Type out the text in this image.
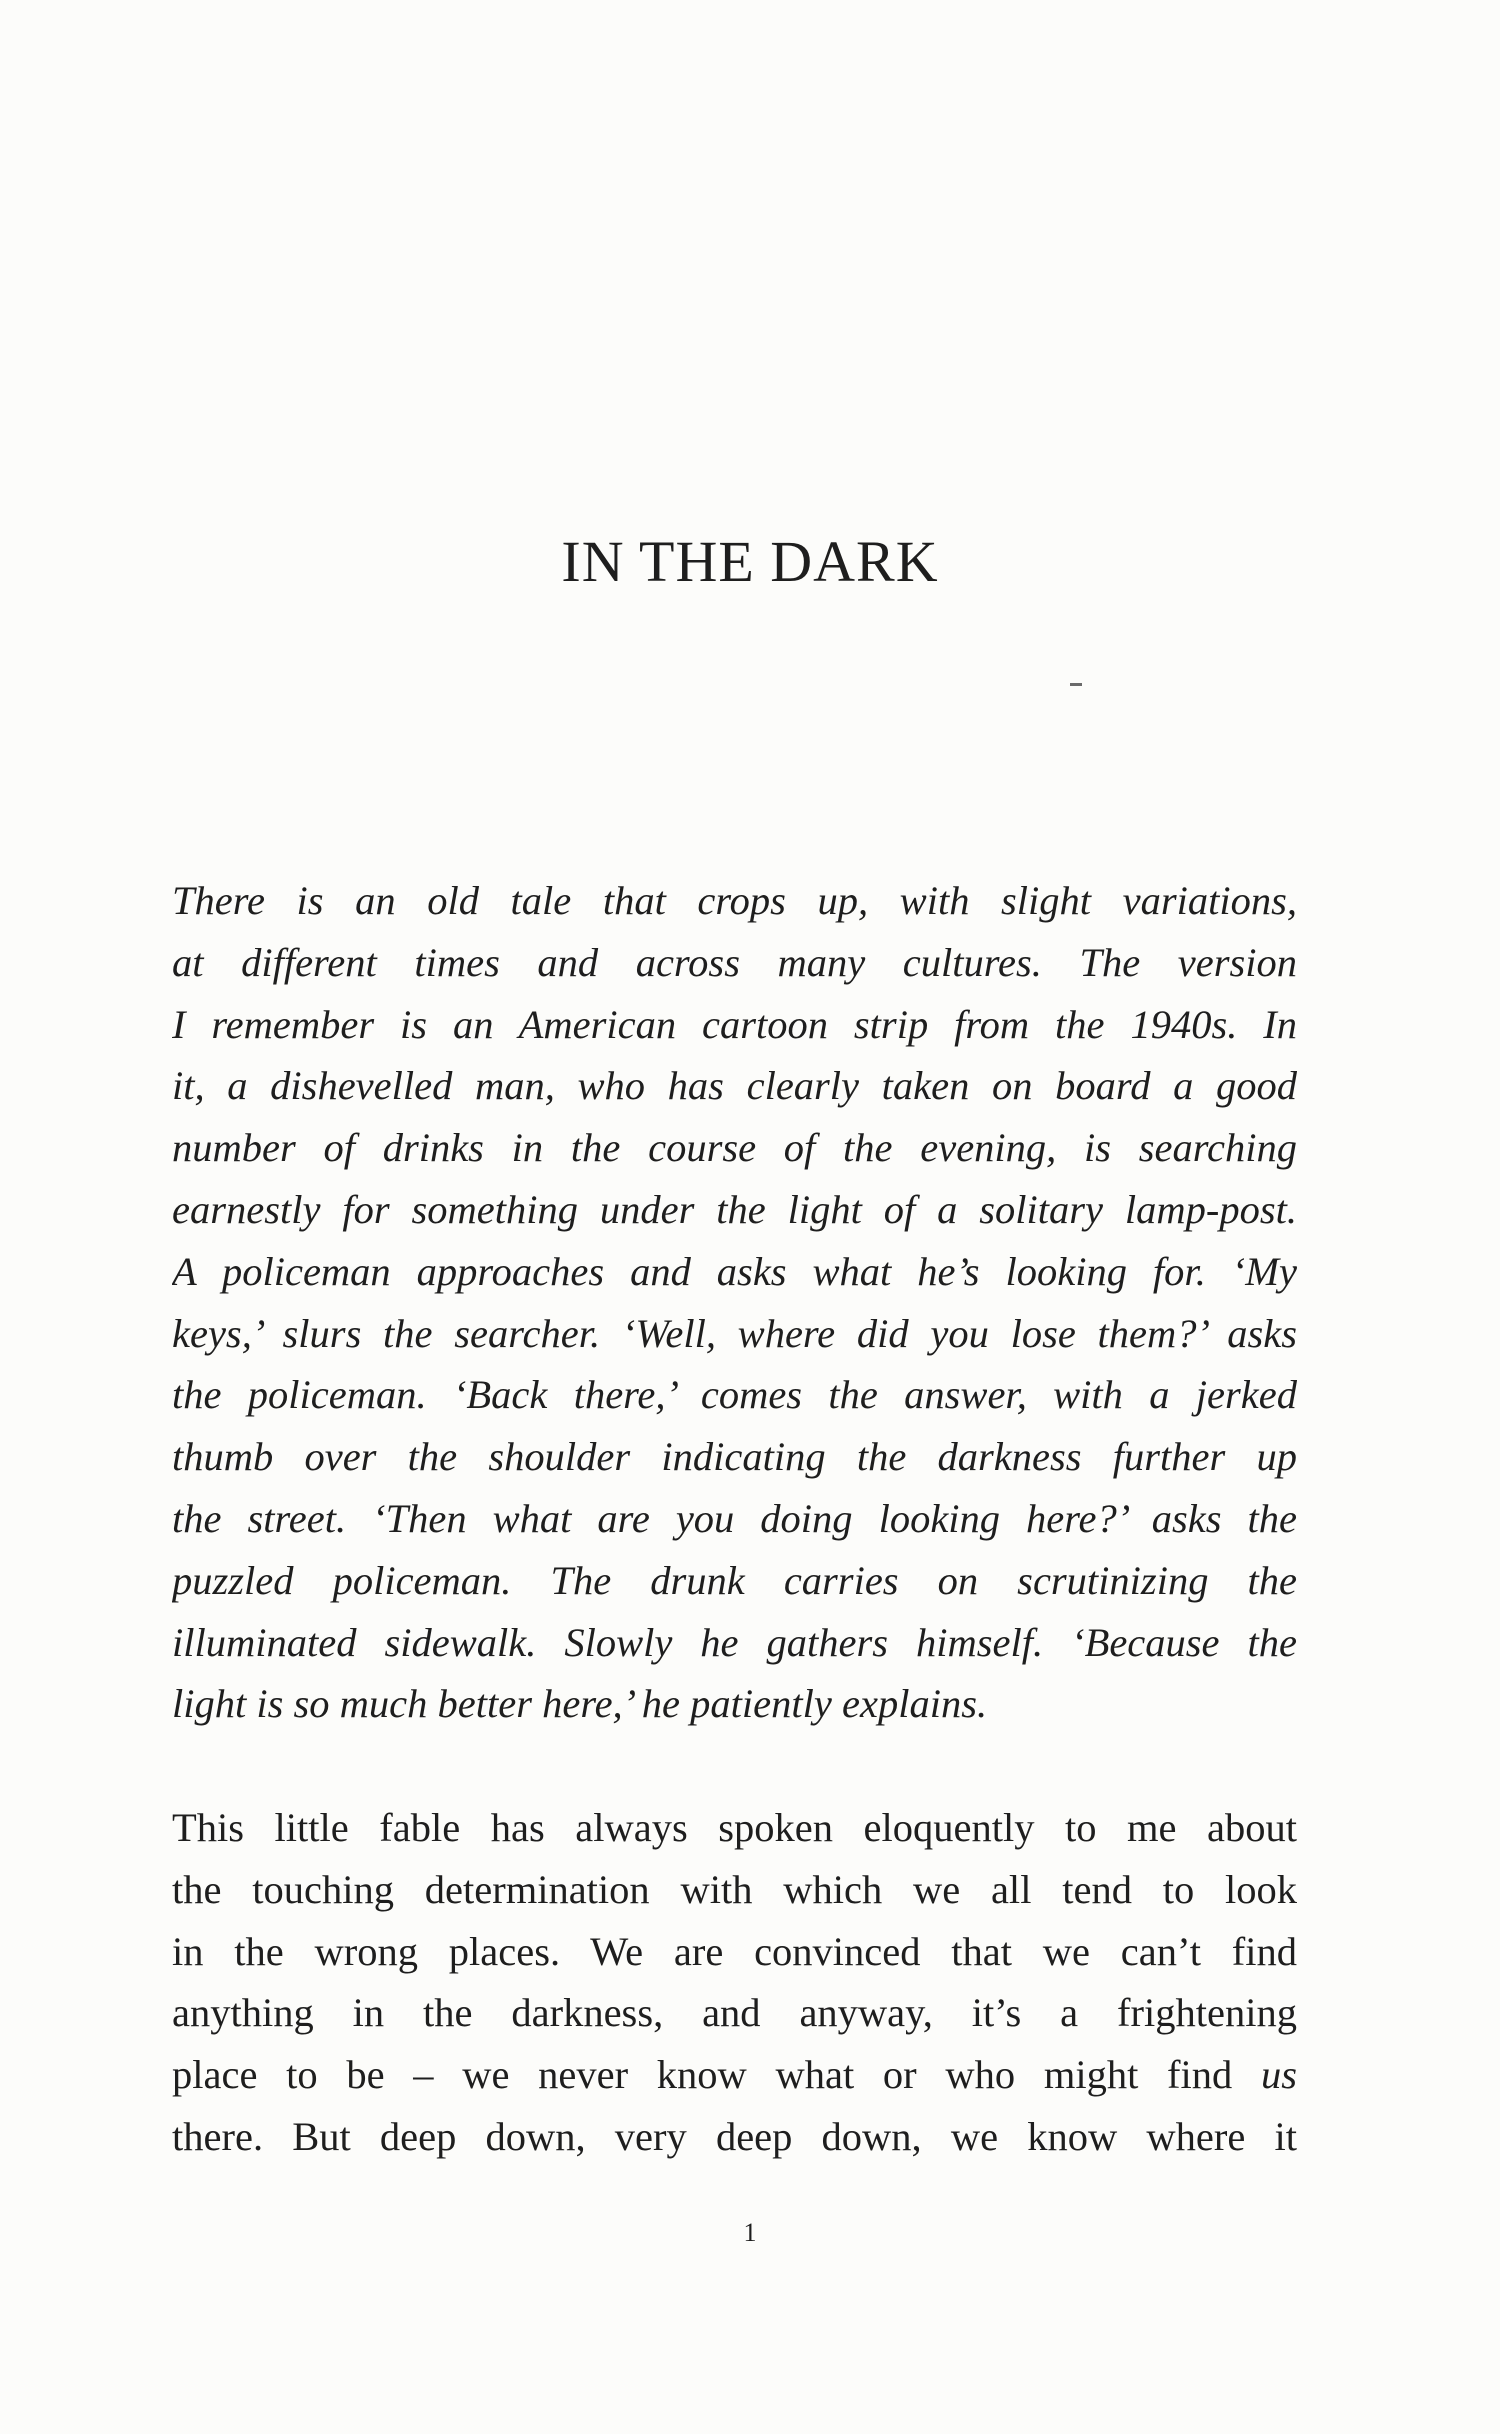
IN THE DARK
There is an old tale that crops up, with slight variations,
at different times and across many cultures. The version
I remember is an American cartoon strip from the 1940s. In
it, a dishevelled man, who has clearly taken on board a good
number of drinks in the course of the evening, is searching
earnestly for something under the light of a solitary lamp-post.
A policeman approaches and asks what he’s looking for. ‘My
keys,’ slurs the searcher. ‘Well, where did you lose them?’ asks
the policeman. ‘Back there,’ comes the answer, with a jerked
thumb over the shoulder indicating the darkness further up
the street. ‘Then what are you doing looking here?’ asks the
puzzled policeman. The drunk carries on scrutinizing the
illuminated sidewalk. Slowly he gathers himself. ‘Because the
light is so much better here,’ he patiently explains.
This little fable has always spoken eloquently to me about
the touching determination with which we all tend to look
in the wrong places. We are convinced that we can’t find
anything in the darkness, and anyway, it’s a frightening
place to be – we never know what or who might find us
there. But deep down, very deep down, we know where it
1
